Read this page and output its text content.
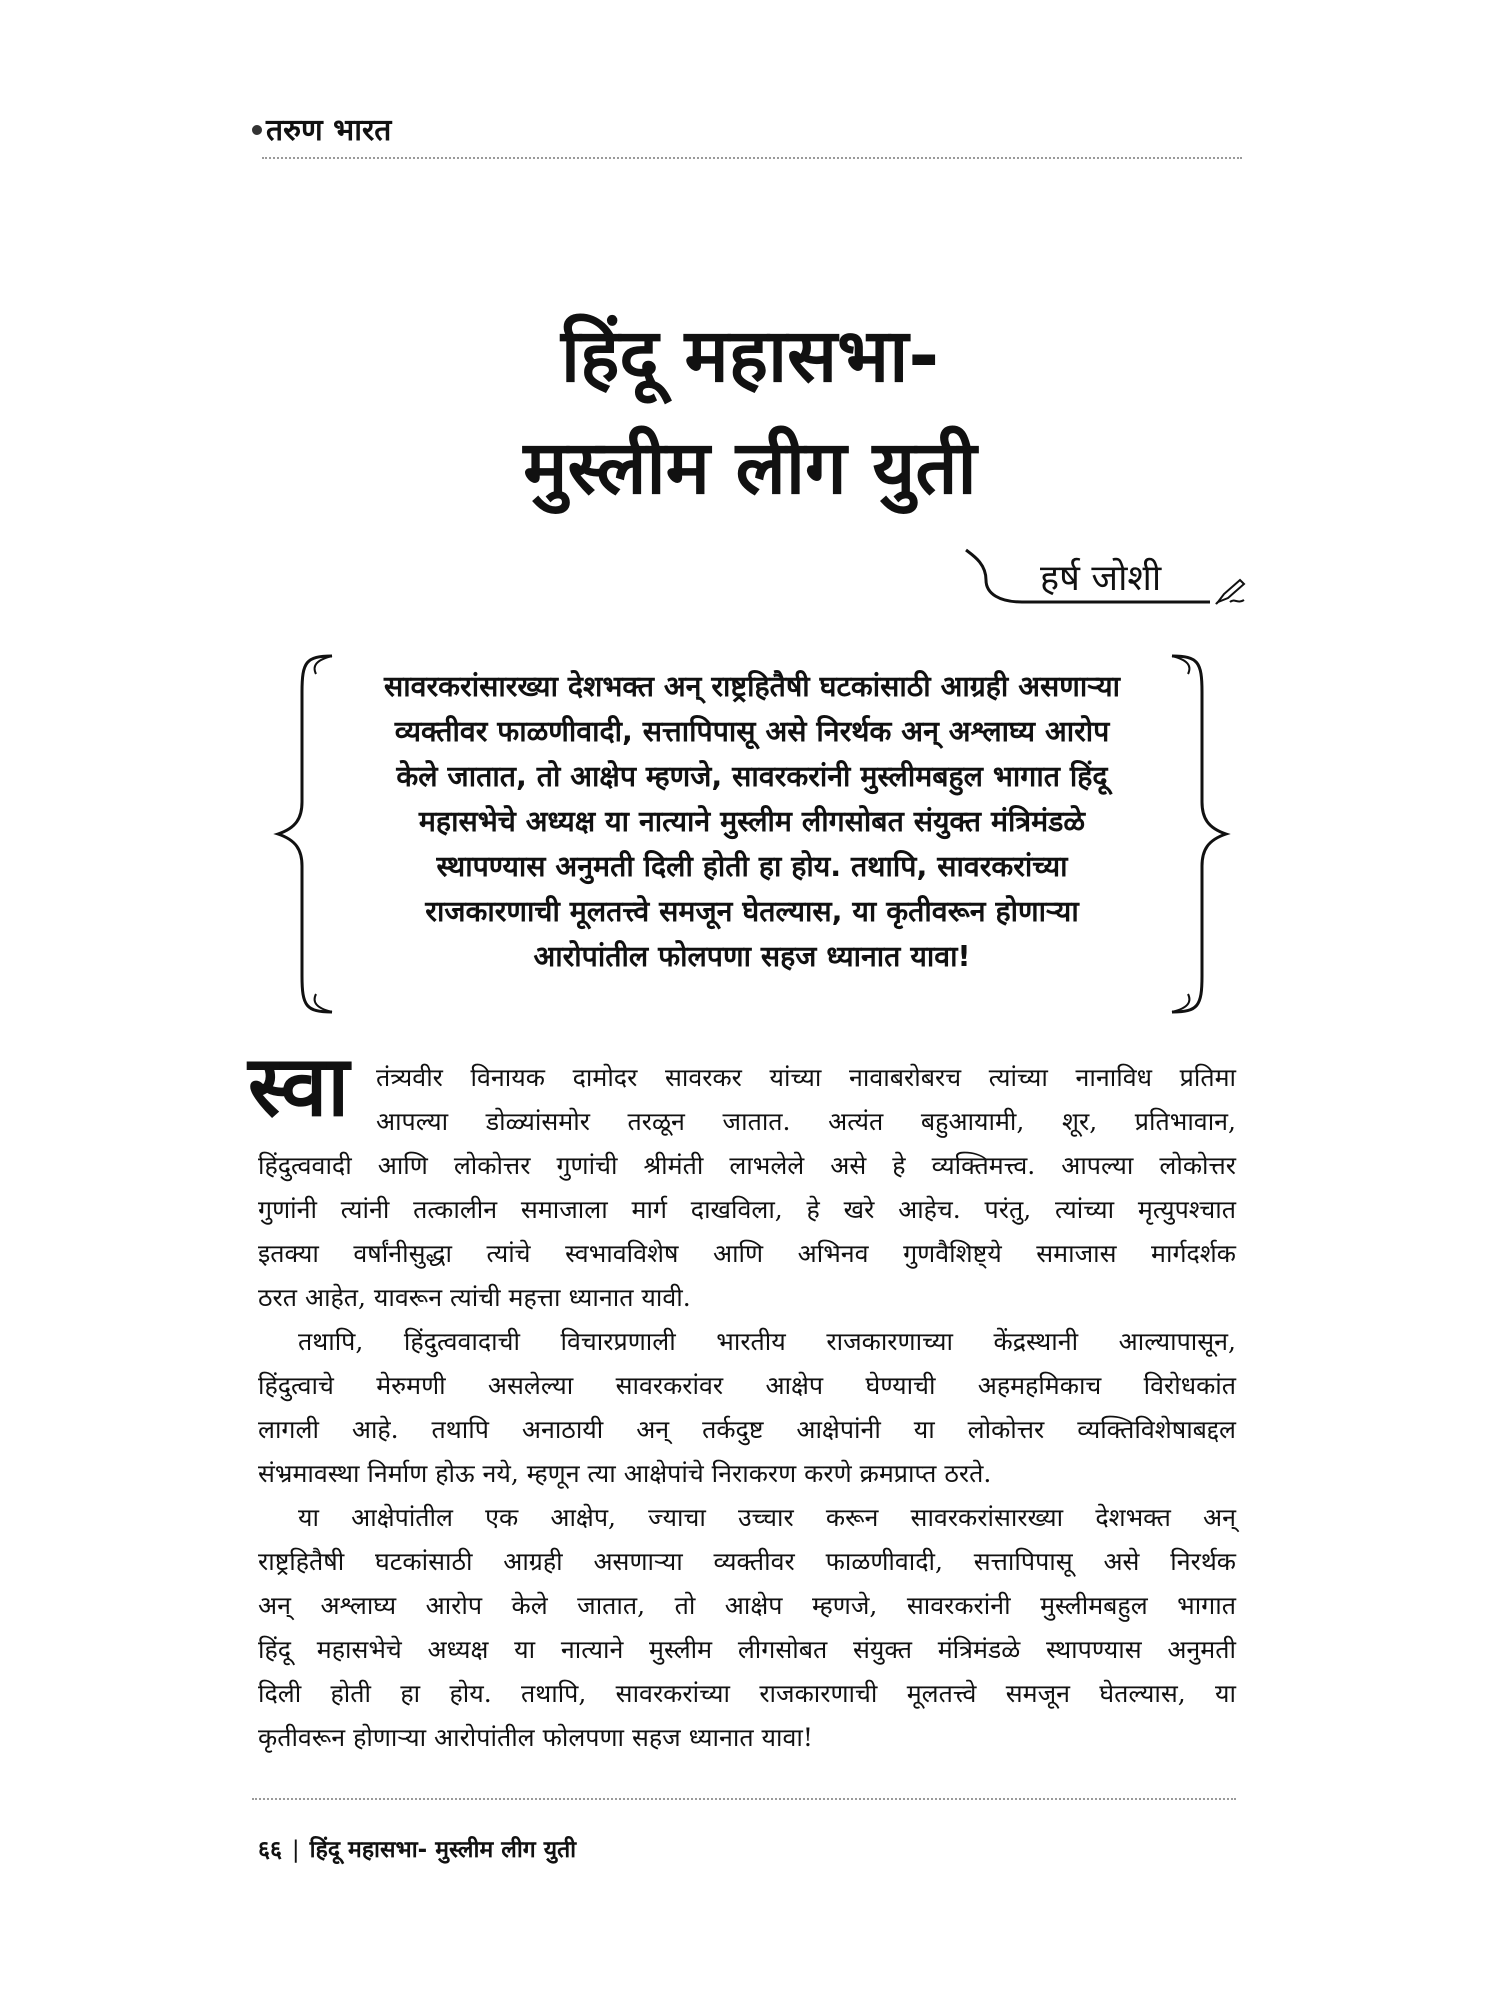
तरुण भारत
हिंदू महासभा-
मुस्लीम लीग युती
हर्ष जोशी
सावरकरांसारख्या देशभक्त अन् राष्ट्रहितैषी घटकांसाठी आग्रही असणाऱ्या
व्यक्तीवर फाळणीवादी, सत्तापिपासू असे निरर्थक अन् अश्लाघ्य आरोप
केले जातात, तो आक्षेप म्हणजे, सावरकरांनी मुस्लीमबहुल भागात हिंदू
महासभेचे अध्यक्ष या नात्याने मुस्लीम लीगसोबत संयुक्त मंत्रिमंडळे
स्थापण्यास अनुमती दिली होती हा होय. तथापि, सावरकरांच्या
राजकारणाची मूलतत्त्वे समजून घेतल्यास, या कृतीवरून होणाऱ्या
आरोपांतील फोलपणा सहज ध्यानात यावा!
स्वा	तंत्र्यवीर विनायक दामोदर सावरकर यांच्या नावाबरोबरच त्यांच्या नानाविध प्रतिमा
आपल्या डोळ्यांसमोर तरळून जातात. अत्यंत बहुआयामी, शूर, प्रतिभावान,
हिंदुत्ववादी आणि लोकोत्तर गुणांची श्रीमंती लाभलेले असे हे व्यक्तिमत्त्व. आपल्या लोकोत्तर
गुणांनी त्यांनी तत्कालीन समाजाला मार्ग दाखविला, हे खरे आहेच. परंतु, त्यांच्या मृत्युपश्चात
इतक्या वर्षांनीसुद्धा त्यांचे स्वभावविशेष आणि अभिनव गुणवैशिष्ट्ये समाजास मार्गदर्शक
ठरत आहेत, यावरून त्यांची महत्ता ध्यानात यावी.
तथापि, हिंदुत्ववादाची विचारप्रणाली भारतीय राजकारणाच्या केंद्रस्थानी आल्यापासून,
हिंदुत्वाचे मेरुमणी असलेल्या सावरकरांवर आक्षेप घेण्याची अहमहमिकाच विरोधकांत
लागली आहे. तथापि अनाठायी अन् तर्कदुष्ट आक्षेपांनी या लोकोत्तर व्यक्तिविशेषाबद्दल
संभ्रमावस्था निर्माण होऊ नये, म्हणून त्या आक्षेपांचे निराकरण करणे क्रमप्राप्त ठरते.
या आक्षेपांतील एक आक्षेप, ज्याचा उच्चार करून सावरकरांसारख्या देशभक्त अन्
राष्ट्रहितैषी घटकांसाठी आग्रही असणाऱ्या व्यक्तीवर फाळणीवादी, सत्तापिपासू असे निरर्थक
अन् अश्लाघ्य आरोप केले जातात, तो आक्षेप म्हणजे, सावरकरांनी मुस्लीमबहुल भागात
हिंदू महासभेचे अध्यक्ष या नात्याने मुस्लीम लीगसोबत संयुक्त मंत्रिमंडळे स्थापण्यास अनुमती
दिली होती हा होय. तथापि, सावरकरांच्या राजकारणाची मूलतत्त्वे समजून घेतल्यास, या
कृतीवरून होणाऱ्या आरोपांतील फोलपणा सहज ध्यानात यावा!
६६ | हिंदू महासभा- मुस्लीम लीग युती
